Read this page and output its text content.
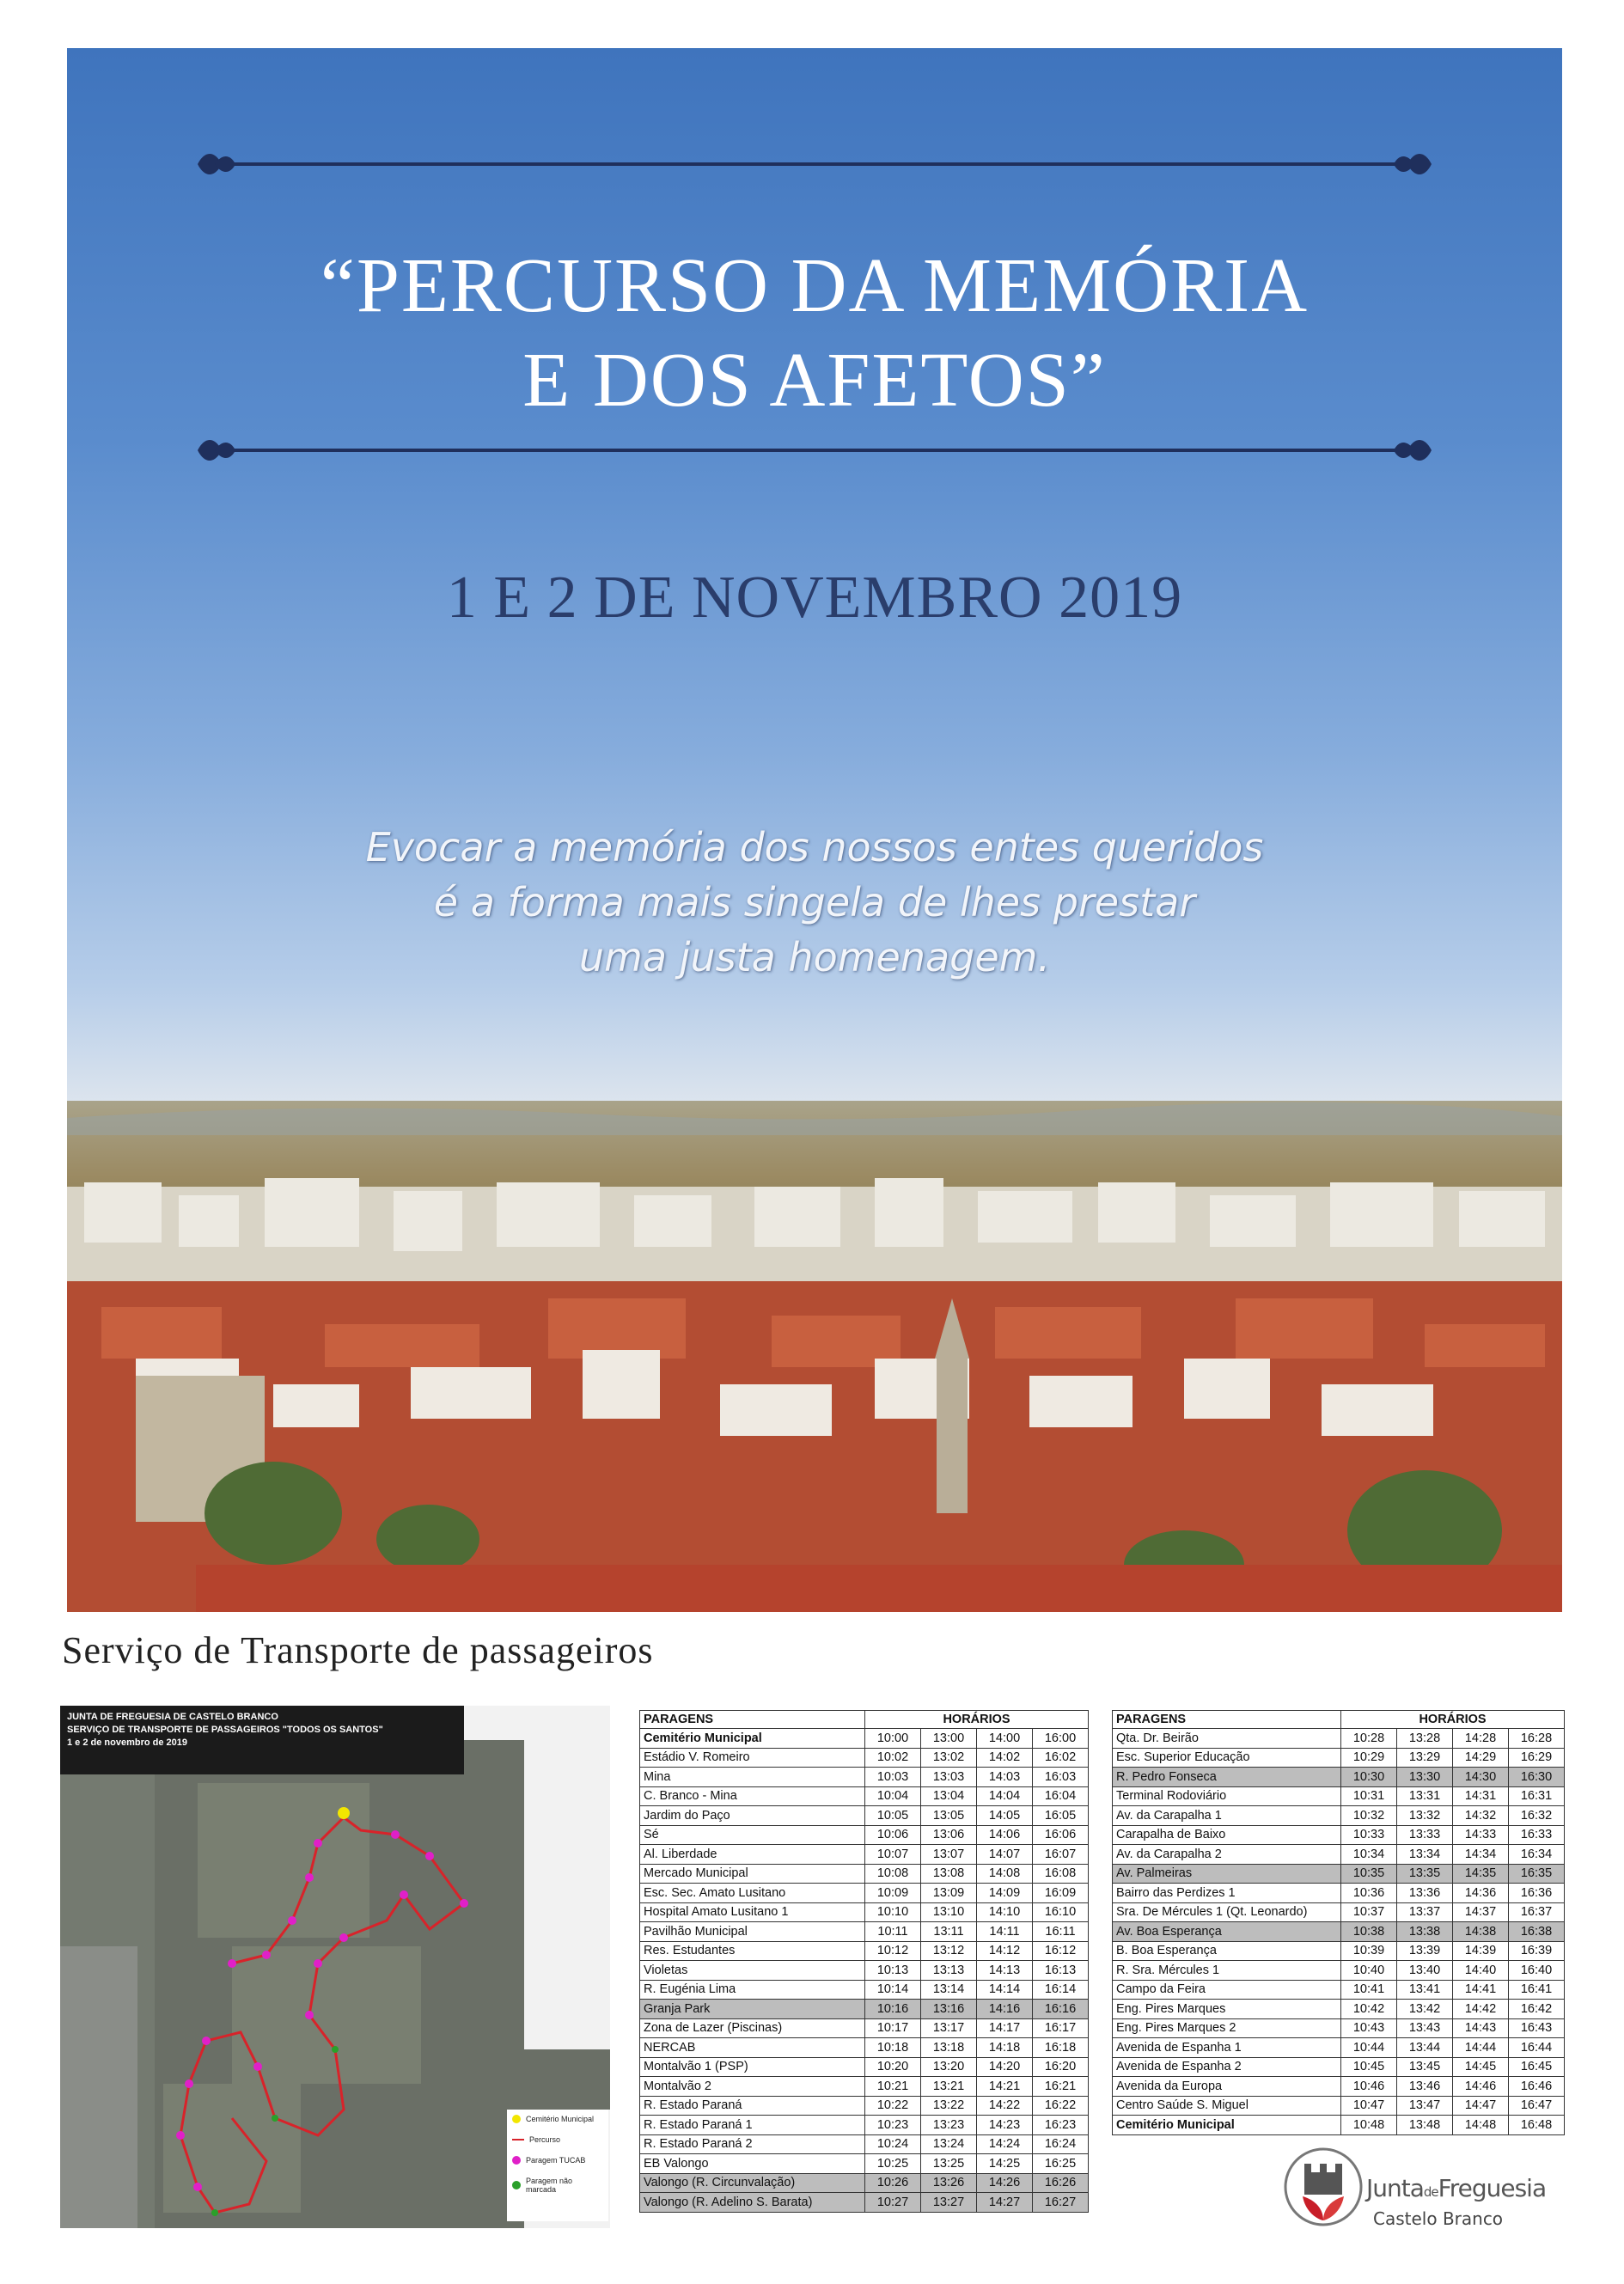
“PERCURSO DA MEMÓRIA
E DOS AFETOS”
1 E 2 DE NOVEMBRO 2019
Evocar a memória dos nossos entes queridos
é a forma mais singela de lhes prestar
uma justa homenagem.
Serviço de Transporte de passageiros
JUNTA DE FREGUESIA DE CASTELO BRANCO
SERVIÇO DE TRANSPORTE DE PASSAGEIROS "TODOS OS SANTOS"
1 e 2 de novembro de 2019
Cemitério Municipal
Percurso
Paragem TUCAB
Paragem não marcada
PARAGENS	HORÁRIOS			
Cemitério Municipal	10:00	13:00	14:00	16:00
Estádio V. Romeiro	10:02	13:02	14:02	16:02
Mina	10:03	13:03	14:03	16:03
C. Branco - Mina	10:04	13:04	14:04	16:04
Jardim do Paço	10:05	13:05	14:05	16:05
Sé	10:06	13:06	14:06	16:06
Al. Liberdade	10:07	13:07	14:07	16:07
Mercado Municipal	10:08	13:08	14:08	16:08
Esc. Sec. Amato Lusitano	10:09	13:09	14:09	16:09
Hospital Amato Lusitano 1	10:10	13:10	14:10	16:10
Pavilhão Municipal	10:11	13:11	14:11	16:11
Res. Estudantes	10:12	13:12	14:12	16:12
Violetas	10:13	13:13	14:13	16:13
R. Eugénia Lima	10:14	13:14	14:14	16:14
Granja Park	10:16	13:16	14:16	16:16
Zona de Lazer (Piscinas)	10:17	13:17	14:17	16:17
NERCAB	10:18	13:18	14:18	16:18
Montalvão 1 (PSP)	10:20	13:20	14:20	16:20
Montalvão 2	10:21	13:21	14:21	16:21
R. Estado Paraná	10:22	13:22	14:22	16:22
R. Estado Paraná 1	10:23	13:23	14:23	16:23
R. Estado Paraná 2	10:24	13:24	14:24	16:24
EB Valongo	10:25	13:25	14:25	16:25
Valongo (R. Circunvalação)	10:26	13:26	14:26	16:26
Valongo (R. Adelino S. Barata)	10:27	13:27	14:27	16:27
PARAGENS	HORÁRIOS			
Qta. Dr. Beirão	10:28	13:28	14:28	16:28
Esc. Superior Educação	10:29	13:29	14:29	16:29
R. Pedro Fonseca	10:30	13:30	14:30	16:30
Terminal Rodoviário	10:31	13:31	14:31	16:31
Av. da Carapalha 1	10:32	13:32	14:32	16:32
Carapalha de Baixo	10:33	13:33	14:33	16:33
Av. da Carapalha 2	10:34	13:34	14:34	16:34
Av. Palmeiras	10:35	13:35	14:35	16:35
Bairro das Perdizes 1	10:36	13:36	14:36	16:36
Sra. De Mércules 1 (Qt. Leonardo)	10:37	13:37	14:37	16:37
Av. Boa Esperança	10:38	13:38	14:38	16:38
B. Boa Esperança	10:39	13:39	14:39	16:39
R. Sra. Mércules 1	10:40	13:40	14:40	16:40
Campo da Feira	10:41	13:41	14:41	16:41
Eng. Pires Marques	10:42	13:42	14:42	16:42
Eng. Pires Marques 2	10:43	13:43	14:43	16:43
Avenida de Espanha 1	10:44	13:44	14:44	16:44
Avenida de Espanha 2	10:45	13:45	14:45	16:45
Avenida da Europa	10:46	13:46	14:46	16:46
Centro Saúde S. Miguel	10:47	13:47	14:47	16:47
Cemitério Municipal	10:48	13:48	14:48	16:48
JuntadeFreguesia
Castelo Branco
